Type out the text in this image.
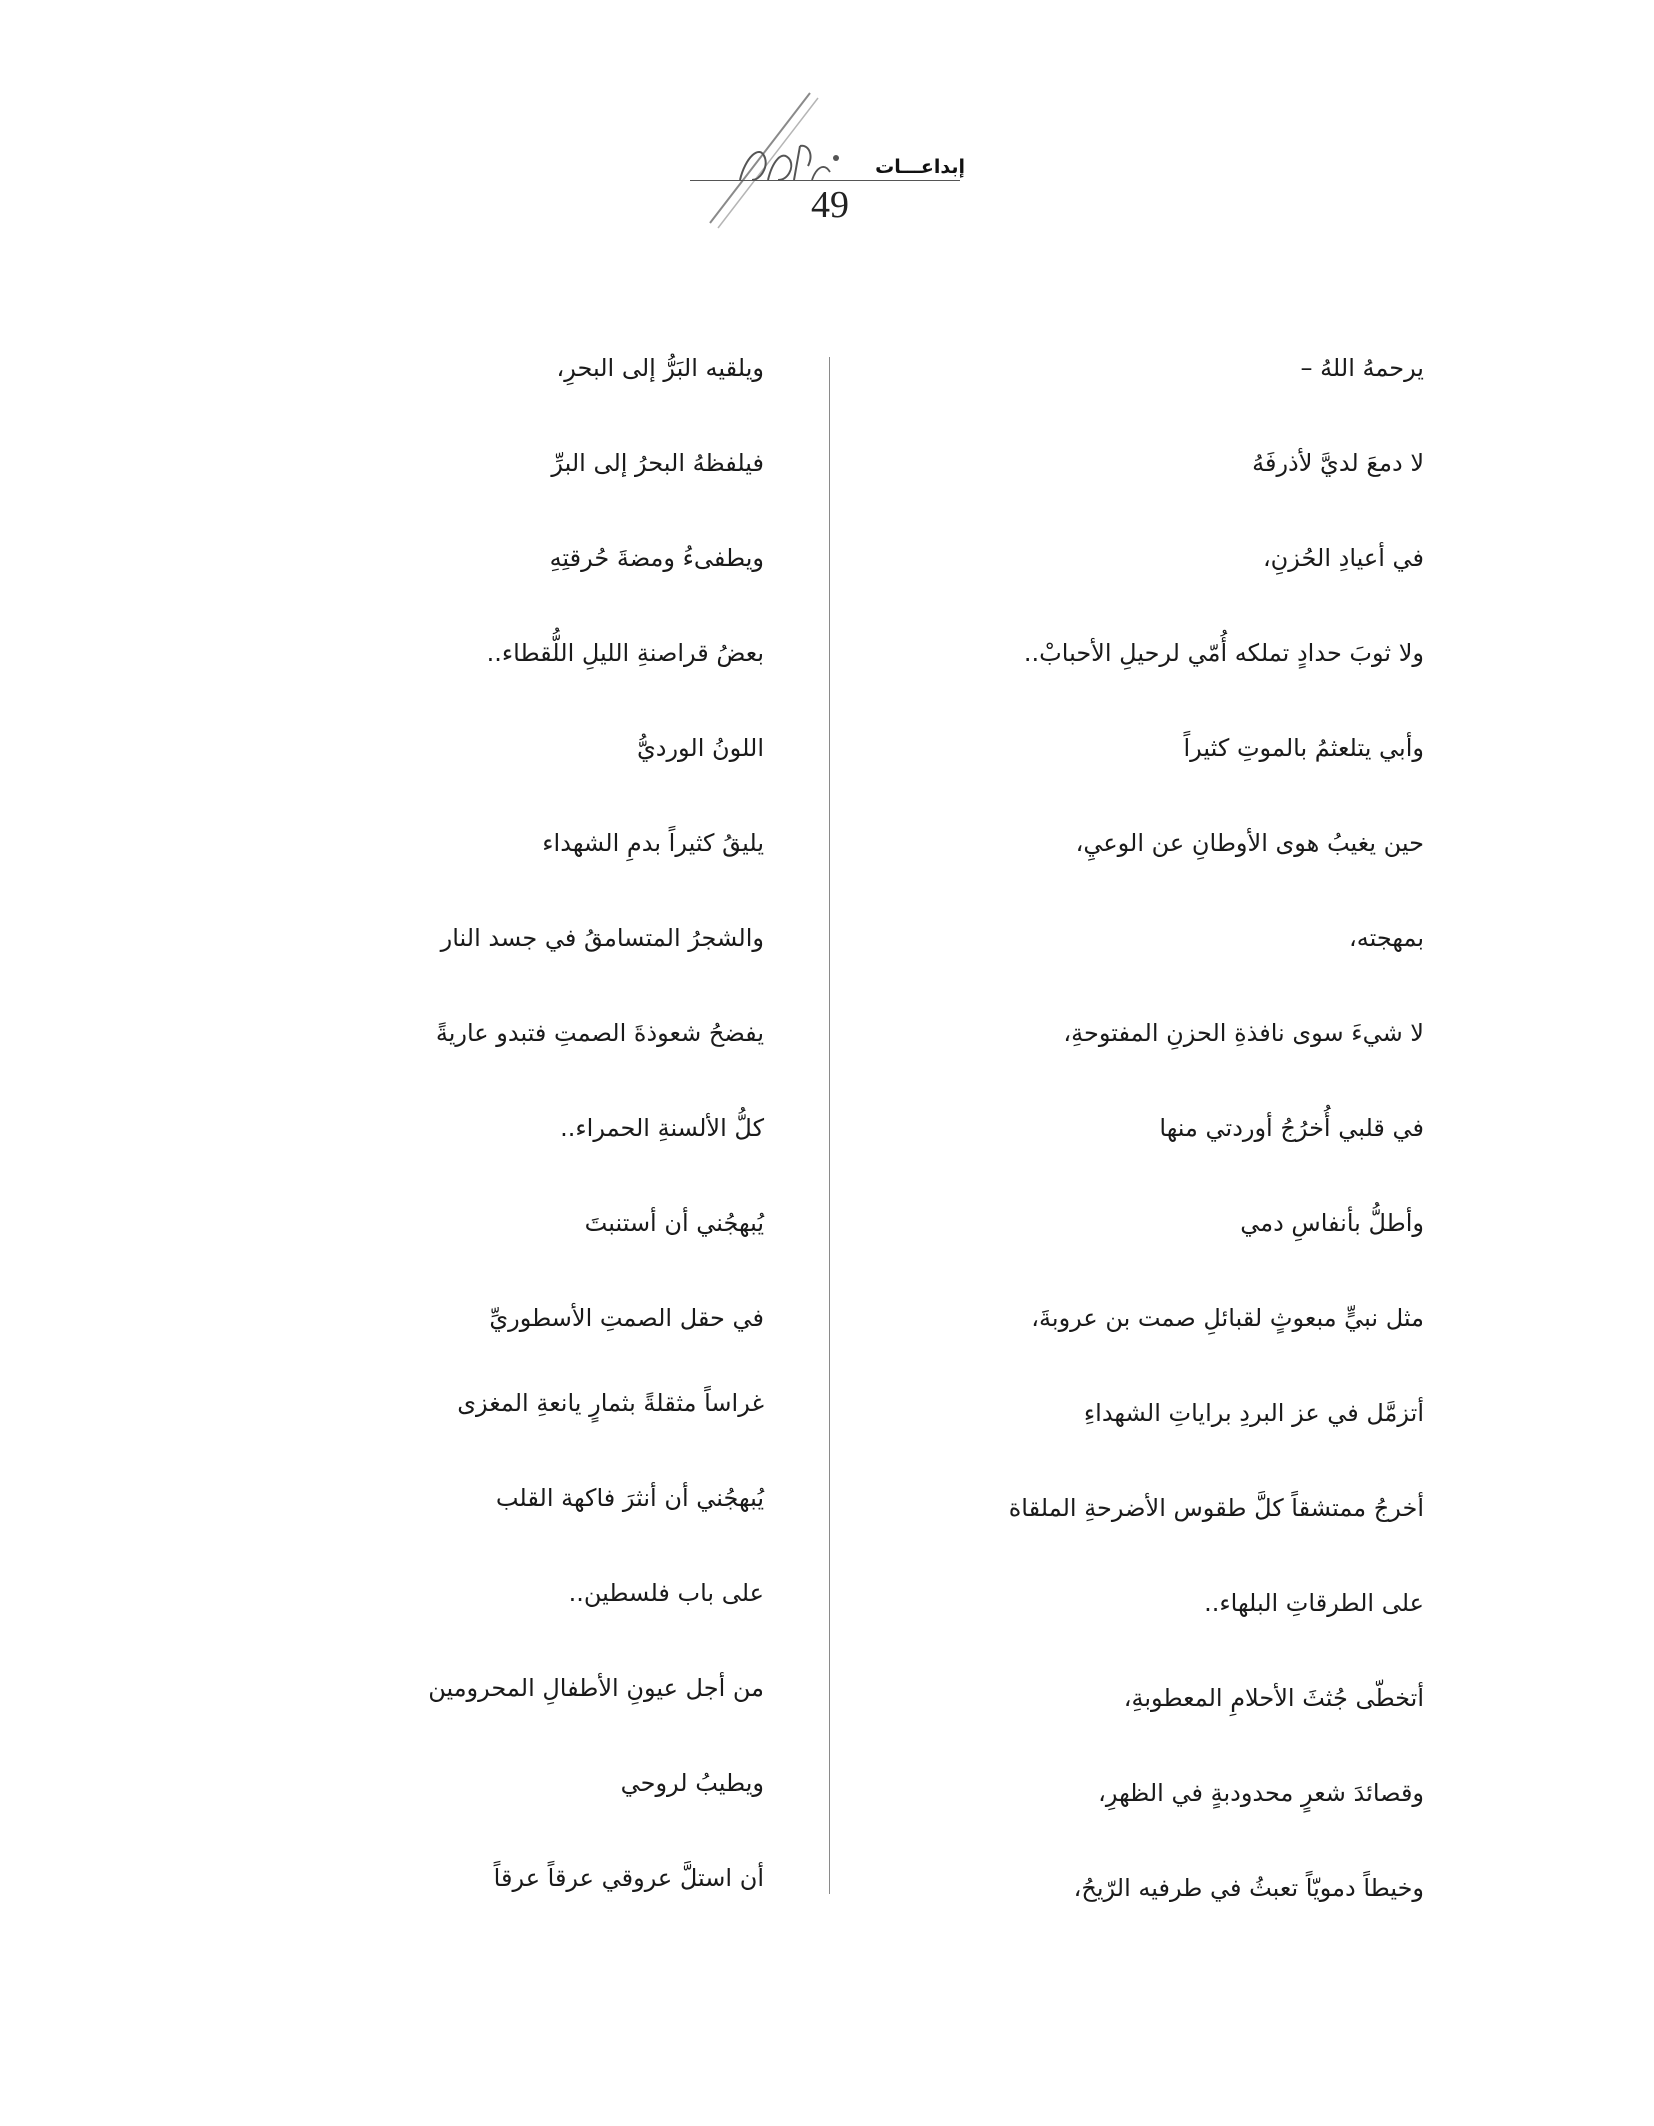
إبداعـــات
49
يرحمهُ اللهُ –
لا دمعَ لديَّ لأذرفَهُ
في أعيادِ الحُزنِ،
ولا ثوبَ حدادٍ تملكه أُمّي لرحيلِ الأحبابْ..
وأبي يتلعثمُ بالموتِ كثيراً
حين يغيبُ هوى الأوطانِ عن الوعيِ،
بمهجته،
لا شيءَ سوى نافذةِ الحزنِ المفتوحةِ،
في قلبي أُخرُجُ أوردتي منها
وأطلُّ بأنفاسِ دمي
مثل نبيٍّ مبعوثٍ لقبائلِ صمت بن عروبةَ،
أتزمَّل في عز البردِ براياتِ الشهداءِ
أخرجُ ممتشقاً كلَّ طقوس الأضرحةِ الملقاة
على الطرقاتِ البلهاء..
أتخطّى جُثثَ الأحلامِ المعطوبةِ،
وقصائدَ شعرٍ محدودبةٍ في الظهرِ،
وخيطاً دمويّاً تعبثُ في طرفيه الرّيحُ،
ويلقيه البَرُّ إلى البحرِ،
فيلفظهُ البحرُ إلى البرِّ
ويطفىءُ ومضةَ حُرقتِهِ
بعضُ قراصنةِ الليلِ اللُّقطاء..
اللونُ الورديُّ
يليقُ كثيراً بدمِ الشهداء
والشجرُ المتسامقُ في جسد النار
يفضحُ شعوذةَ الصمتِ فتبدو عاريةً
كلُّ الألسنةِ الحمراء..
يُبهجُني أن أستنبتَ
في حقل الصمتِ الأسطوريِّ
غراساً مثقلةً بثمارٍ يانعةِ المغزى
يُبهجُني أن أنثرَ فاكهة القلب
على باب فلسطين..
من أجل عيونِ الأطفالِ المحرومين
ويطيبُ لروحي
أن استلَّ عروقي عرقاً عرقاً
